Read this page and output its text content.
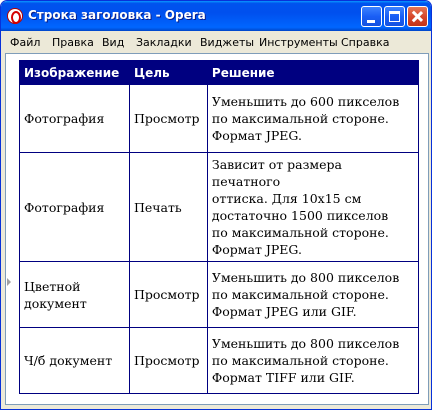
Строка заголовка - Opera
Файл Правка Вид Закладки Виджеты Инструменты Справка
Изображение	Цель	Решение
Фотография	Просмотр	Уменьшить до 600 пикселов
по максимальной стороне.
Формат JPEG.
Фотография	Печать	Зависит от размера печатного
оттиска. Для 10x15 см
достаточно 1500 пикселов
по максимальной стороне.
Формат JPEG.
Цветной документ	Просмотр	Уменьшить до 800 пикселов
по максимальной стороне.
Формат JPEG или GIF.
Ч/б документ	Просмотр	Уменьшить до 800 пикселов
по максимальной стороне.
Формат TIFF или GIF.
